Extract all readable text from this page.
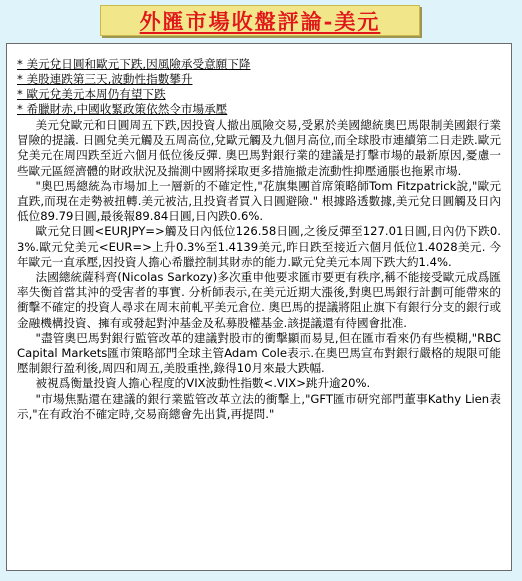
外匯市場收盤評論-美元
* 美元兌日圓和歐元下跌,因風險承受意願下降
* 美股連跌第三天,波動性指數攀升
* 歐元兌美元本周仍有望下跌
* 希臘財赤,中國收緊政策依然令市場承壓

美元兌歐元和日圓周五下跌,因投資人撤出風險交易,受累於美國總統奧巴馬限制美國銀行業冒險的提議. 日圓兌美元觸及五周高位,兌歐元觸及九個月高位,而全球股市連續第二日走跌.歐元兌美元在周四跌至近六個月低位後反彈. 奧巴馬對銀行業的建議是打擊市場的最新原因,憂慮一些歐元區經濟體的財政狀況及揣測中國將採取更多措施撤走流動性抑壓通脹也拖累市場.

"奧巴馬總統為市場加上一層新的不確定性,"花旗集團首席策略師Tom Fitzpatrick說,"歐元直跌,而現在走勢被扭轉.美元被沽,且投資者買入日圓避險." 根據路透數據,美元兌日圓觸及日內低位89.79日圓,最後報89.84日圓,日內跌0.6%.

歐元兌日圓<EURJPY=>觸及日內低位126.58日圓,之後反彈至127.01日圓,日內仍下跌0.3%.歐元兌美元<EUR=>上升0.3%至1.4139美元,昨日跌至接近六個月低位1.4028美元. 今年歐元一直承壓,因投資人擔心希臘控制其財赤的能力.歐元兌美元本周下跌大約1.4%.

法國總統薩科齊(Nicolas Sarkozy)多次重申他要求匯市要更有秩序,稱不能接受歐元成爲匯率失衡首當其沖的受害者的事實. 分析師表示,在美元近期大漲後,對奧巴馬銀行計劃可能帶來的衝擊不確定的投資人尋求在周末前軋平美元倉位. 奧巴馬的提議將阻止旗下有銀行分支的銀行或金融機構投資、擁有或發起對沖基金及私募股權基金.該提議還有待國會批准.

"盡管奧巴馬對銀行監管改革的建議對股市的衝擊顯而易見,但在匯市看來仍有些模糊,"RBC Capital Markets匯市策略部門全球主管Adam Cole表示.在奧巴馬宣布對銀行嚴格的規限可能壓制銀行盈利後,周四和周五,美股重挫,錄得10月來最大跌幅.

被視爲衡量投資人擔心程度的VIX波動性指數<.VIX>跳升逾20%.

"市場焦點還在建議的銀行業監管改革立法的衝擊上,"GFT匯市研究部門董事Kathy Lien表示,"在有政治不確定時,交易商總會先出貨,再提問."
